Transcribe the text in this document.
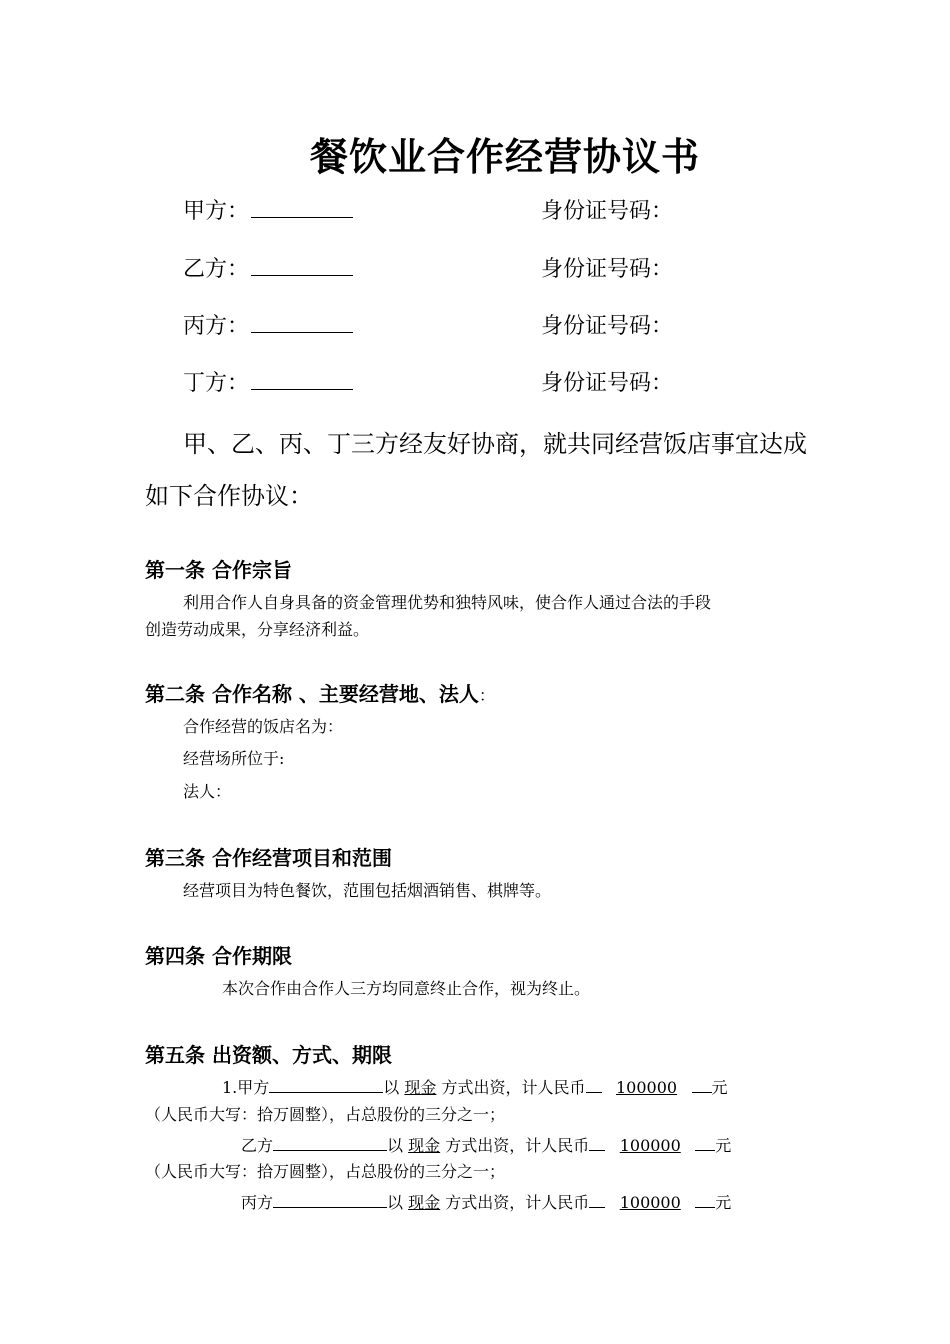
餐饮业合作经营协议书
甲方：	身份证号码：
乙方：	身份证号码：
丙方：	身份证号码：
丁方：	身份证号码：
甲、乙、丙、丁三方经友好协商，就共同经营饭店事宜达成
如下合作协议：
第一条 合作宗旨
利用合作人自身具备的资金管理优势和独特风味，使合作人通过合法的手段
创造劳动成果，分享经济利益。
第二条 合作名称 、主要经营地、法人：
合作经营的饭店名为：
经营场所位于:
法人：
第三条 合作经营项目和范围
经营项目为特色餐饮，范围包括烟酒销售、棋牌等。
第四条 合作期限
本次合作由合作人三方均同意终止合作，视为终止。
第五条 出资额、方式、期限
1.甲方	以 现金 方式出资，计人民币 100000 元
（人民币大写：拾万圆整），占总股份的三分之一；
乙方	以 现金 方式出资，计人民币 100000 元
（人民币大写：拾万圆整），占总股份的三分之一；
丙方	以 现金 方式出资，计人民币 100000 元
